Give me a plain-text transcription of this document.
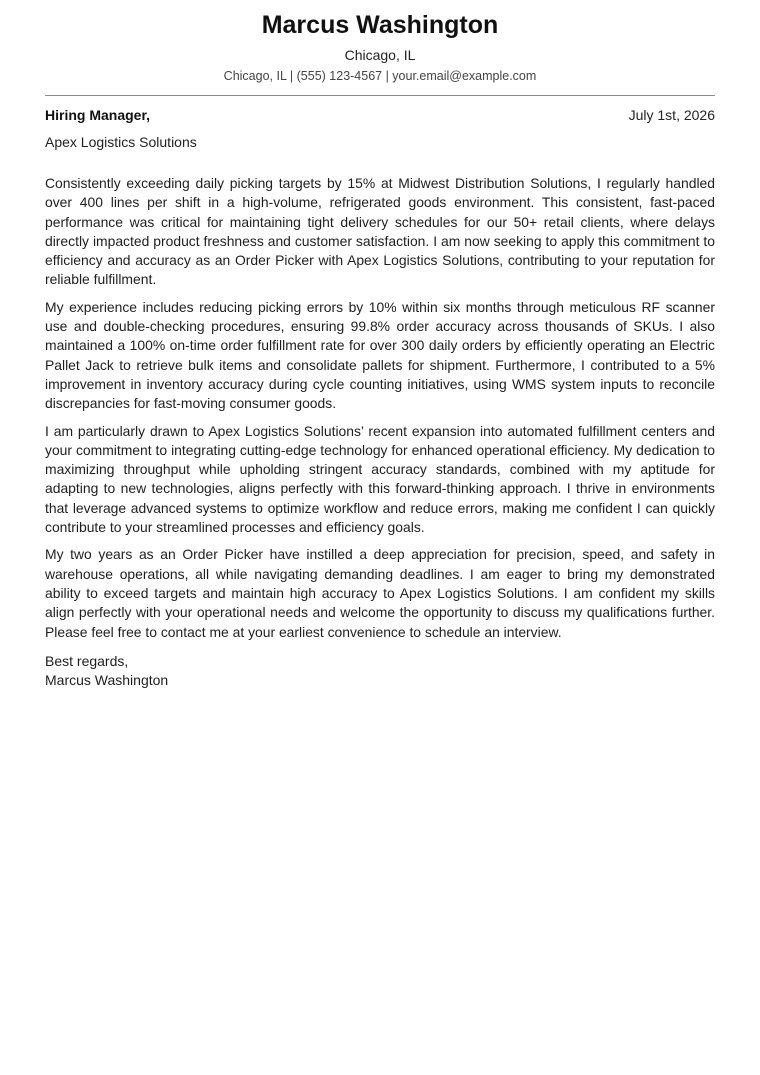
Marcus Washington
Chicago, IL
Chicago, IL | (555) 123-4567 | your.email@example.com
Hiring Manager,	July 1st, 2026
Apex Logistics Solutions

Consistently exceeding daily picking targets by 15% at Midwest Distribution Solutions, I regularly handled over 400 lines per shift in a high-volume, refrigerated goods environment. This consistent, fast-paced performance was critical for maintaining tight delivery schedules for our 50+ retail clients, where delays directly impacted product freshness and customer satisfaction. I am now seeking to apply this commitment to efficiency and accuracy as an Order Picker with Apex Logistics Solutions, contributing to your reputation for reliable fulfillment.

My experience includes reducing picking errors by 10% within six months through meticulous RF scanner use and double-checking procedures, ensuring 99.8% order accuracy across thousands of SKUs. I also maintained a 100% on-time order fulfillment rate for over 300 daily orders by efficiently operating an Electric Pallet Jack to retrieve bulk items and consolidate pallets for shipment. Furthermore, I contributed to a 5% improvement in inventory accuracy during cycle counting initiatives, using WMS system inputs to reconcile discrepancies for fast-moving consumer goods.

I am particularly drawn to Apex Logistics Solutions’ recent expansion into automated fulfillment centers and your commitment to integrating cutting-edge technology for enhanced operational efficiency. My dedication to maximizing throughput while upholding stringent accuracy standards, combined with my aptitude for adapting to new technologies, aligns perfectly with this forward-thinking approach. I thrive in environments that leverage advanced systems to optimize workflow and reduce errors, making me confident I can quickly contribute to your streamlined processes and efficiency goals.

My two years as an Order Picker have instilled a deep appreciation for precision, speed, and safety in warehouse operations, all while navigating demanding deadlines. I am eager to bring my demonstrated ability to exceed targets and maintain high accuracy to Apex Logistics Solutions. I am confident my skills align perfectly with your operational needs and welcome the opportunity to discuss my qualifications further. Please feel free to contact me at your earliest convenience to schedule an interview.

Best regards,
Marcus Washington
